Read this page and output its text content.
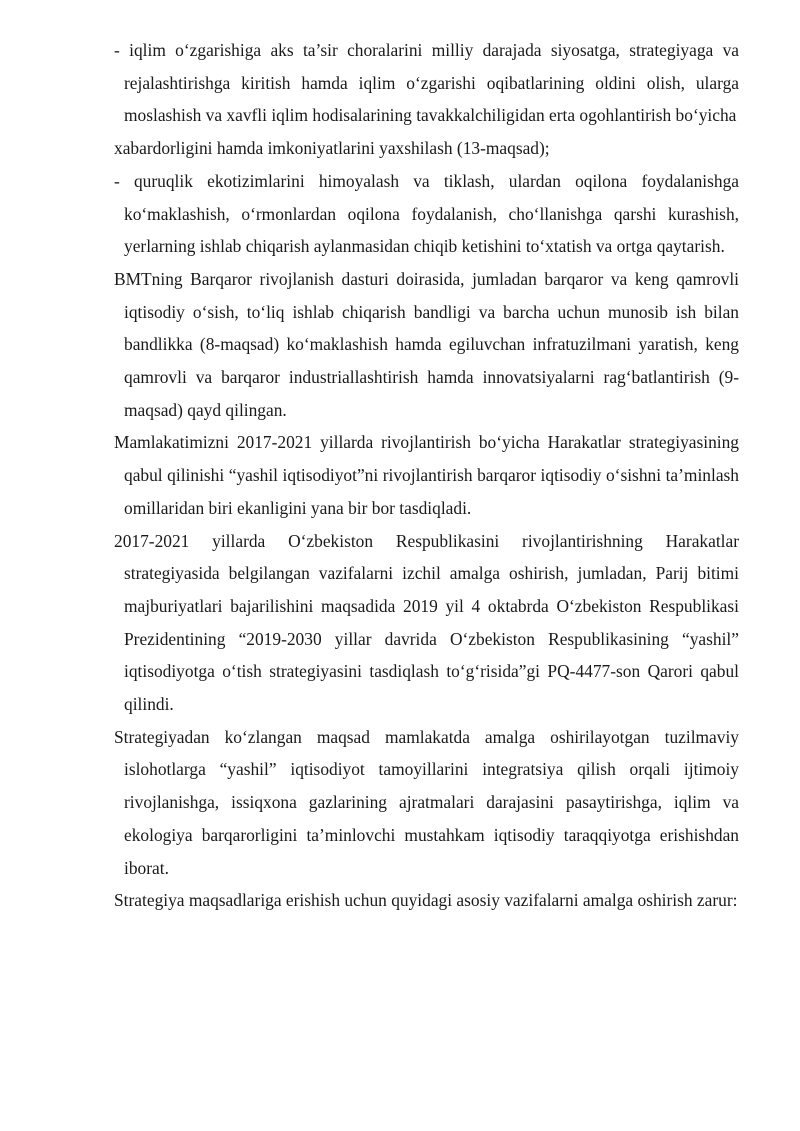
- iqlim o‘zgarishiga aks ta’sir choralarini milliy darajada siyosatga, strategiyaga va rejalashtirishga kiritish hamda iqlim o‘zgarishi oqibatlarining oldini olish, ularga moslashish va xavfli iqlim hodisalarining tavakkalchiligidan erta ogohlantirish bo‘yicha

xabardorligini hamda imkoniyatlarini yaxshilash (13-maqsad);

- quruqlik ekotizimlarini himoyalash va tiklash, ulardan oqilona foydalanishga ko‘maklashish, o‘rmonlardan oqilona foydalanish, cho‘llanishga qarshi kurashish, yerlarning ishlab chiqarish aylanmasidan chiqib ketishini to‘xtatish va ortga qaytarish.

BMTning Barqaror rivojlanish dasturi doirasida, jumladan barqaror va keng qamrovli iqtisodiy o‘sish, to‘liq ishlab chiqarish bandligi va barcha uchun munosib ish bilan bandlikka (8-maqsad) ko‘maklashish hamda egiluvchan infratuzilmani yaratish, keng qamrovli va barqaror industriallashtirish hamda innovatsiyalarni rag‘batlantirish (9-maqsad) qayd qilingan.

Mamlakatimizni 2017-2021 yillarda rivojlantirish bo‘yicha Harakatlar strategiyasining qabul qilinishi “yashil iqtisodiyot”ni rivojlantirish barqaror iqtisodiy o‘sishni ta’minlash omillaridan biri ekanligini yana bir bor tasdiqladi.

2017-2021 yillarda O‘zbekiston Respublikasini rivojlantirishning Harakatlar strategiyasida belgilangan vazifalarni izchil amalga oshirish, jumladan, Parij bitimi majburiyatlari bajarilishini maqsadida 2019 yil 4 oktabrda O‘zbekiston Respublikasi Prezidentining “2019-2030 yillar davrida O‘zbekiston Respublikasining “yashil” iqtisodiyotga o‘tish strategiyasini tasdiqlash to‘g‘risida”gi PQ-4477-son Qarori qabul qilindi.

Strategiyadan ko‘zlangan maqsad mamlakatda amalga oshirilayotgan tuzilmaviy islohotlarga “yashil” iqtisodiyot tamoyillarini integratsiya qilish orqali ijtimoiy rivojlanishga, issiqxona gazlarining ajratmalari darajasini pasaytirishga, iqlim va ekologiya barqarorligini ta’minlovchi mustahkam iqtisodiy taraqqiyotga erishishdan iborat.

Strategiya maqsadlariga erishish uchun quyidagi asosiy vazifalarni amalga oshirish zarur:
